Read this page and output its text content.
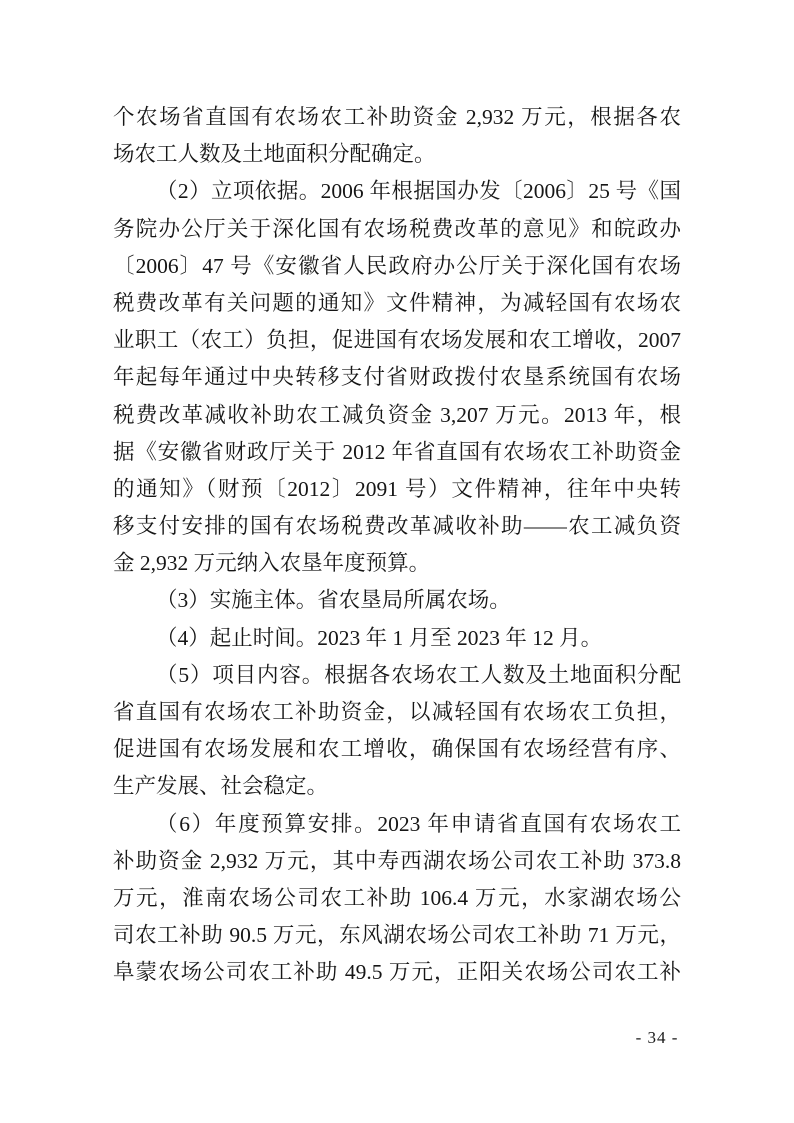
个农场省直国有农场农工补助资金 2,932 万元，根据各农
场农工人数及土地面积分配确定。
（2）立项依据。2006 年根据国办发〔2006〕25 号《国
务院办公厅关于深化国有农场税费改革的意见》和皖政办
〔2006〕47 号《安徽省人民政府办公厅关于深化国有农场
税费改革有关问题的通知》文件精神，为减轻国有农场农
业职工（农工）负担，促进国有农场发展和农工增收，2007
年起每年通过中央转移支付省财政拨付农垦系统国有农场
税费改革减收补助农工减负资金 3,207 万元。2013 年，根
据《安徽省财政厅关于 2012 年省直国有农场农工补助资金
的通知》（财预〔2012〕2091 号）文件精神，往年中央转
移支付安排的国有农场税费改革减收补助——农工减负资
金 2,932 万元纳入农垦年度预算。
（3）实施主体。省农垦局所属农场。
（4）起止时间。2023 年 1 月至 2023 年 12 月。
（5）项目内容。根据各农场农工人数及土地面积分配
省直国有农场农工补助资金，以减轻国有农场农工负担，
促进国有农场发展和农工增收，确保国有农场经营有序、
生产发展、社会稳定。
（6）年度预算安排。2023 年申请省直国有农场农工
补助资金 2,932 万元，其中寿西湖农场公司农工补助 373.8
万元，淮南农场公司农工补助 106.4 万元，水家湖农场公
司农工补助 90.5 万元，东风湖农场公司农工补助 71 万元，
阜蒙农场公司农工补助 49.5 万元，正阳关农场公司农工补
- 34 -
